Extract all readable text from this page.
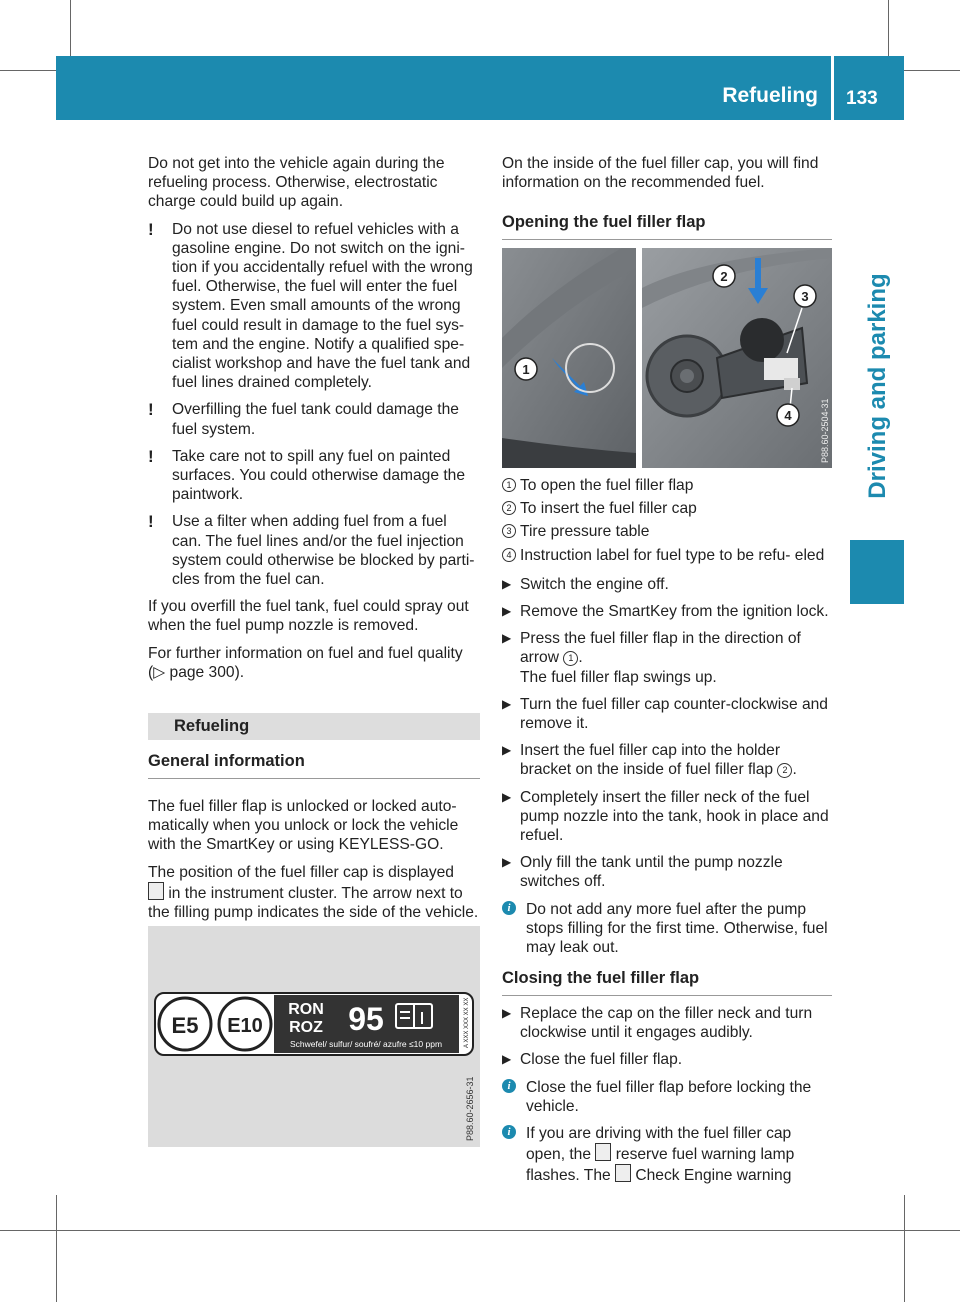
Refueling 133
Driving and parking

Do not get into the vehicle again during the refueling process. Otherwise, electrostatic charge could build up again.

! Do not use diesel to refuel vehicles with a gasoline engine. Do not switch on the igni- tion if you accidentally refuel with the wrong fuel. Otherwise, the fuel will enter the fuel system. Even small amounts of the wrong fuel could result in damage to the fuel sys- tem and the engine. Notify a qualified spe- cialist workshop and have the fuel tank and fuel lines drained completely.
! Overfilling the fuel tank could damage the fuel system.
! Take care not to spill any fuel on painted surfaces. You could otherwise damage the paintwork.
! Use a filter when adding fuel from a fuel can. The fuel lines and/or the fuel injection system could otherwise be blocked by parti- cles from the fuel can.

If you overfill the fuel tank, fuel could spray out when the fuel pump nozzle is removed.

For further information on fuel and fuel quality
(▷ page 300).

Refueling
General information

The fuel filler flap is unlocked or locked auto- matically when you unlock or lock the vehicle with the SmartKey or using KEYLESS-GO.

The position of the fuel filler cap is displayed
in the instrument cluster. The arrow next to the filling pump indicates the side of the vehicle.

E5 E10
RON
ROZ 95
Schwefel/ sulfur/ soufré/ azufre ≤10 ppm	A XXX XXX XX XX
P88.60-2656-31

On the inside of the fuel filler cap, you will find information on the recommended fuel.

Opening the fuel filler flap
1
2
3
4	P88.60-2504-31
1 To open the fuel filler flap
2 To insert the fuel filler cap
3 Tire pressure table
4 Instruction label for fuel type to be refu- eled
▶ Switch the engine off.
▶ Remove the SmartKey from the ignition lock.
▶ Press the fuel filler flap in the direction of arrow 1 .
The fuel filler flap swings up.
▶ Turn the fuel filler cap counter-clockwise and remove it.
▶ Insert the fuel filler cap into the holder bracket on the inside of fuel filler flap 2 .
▶ Completely insert the filler neck of the fuel pump nozzle into the tank, hook in place and refuel.
▶ Only fill the tank until the pump nozzle switches off.
i Do not add any more fuel after the pump stops filling for the first time. Otherwise, fuel may leak out.
Closing the fuel filler flap
▶ Replace the cap on the filler neck and turn clockwise until it engages audibly.
▶ Close the fuel filler flap.
i Close the fuel filler flap before locking the vehicle.
i If you are driving with the fuel filler cap open, the  reserve fuel warning lamp flashes. The  Check Engine warning
